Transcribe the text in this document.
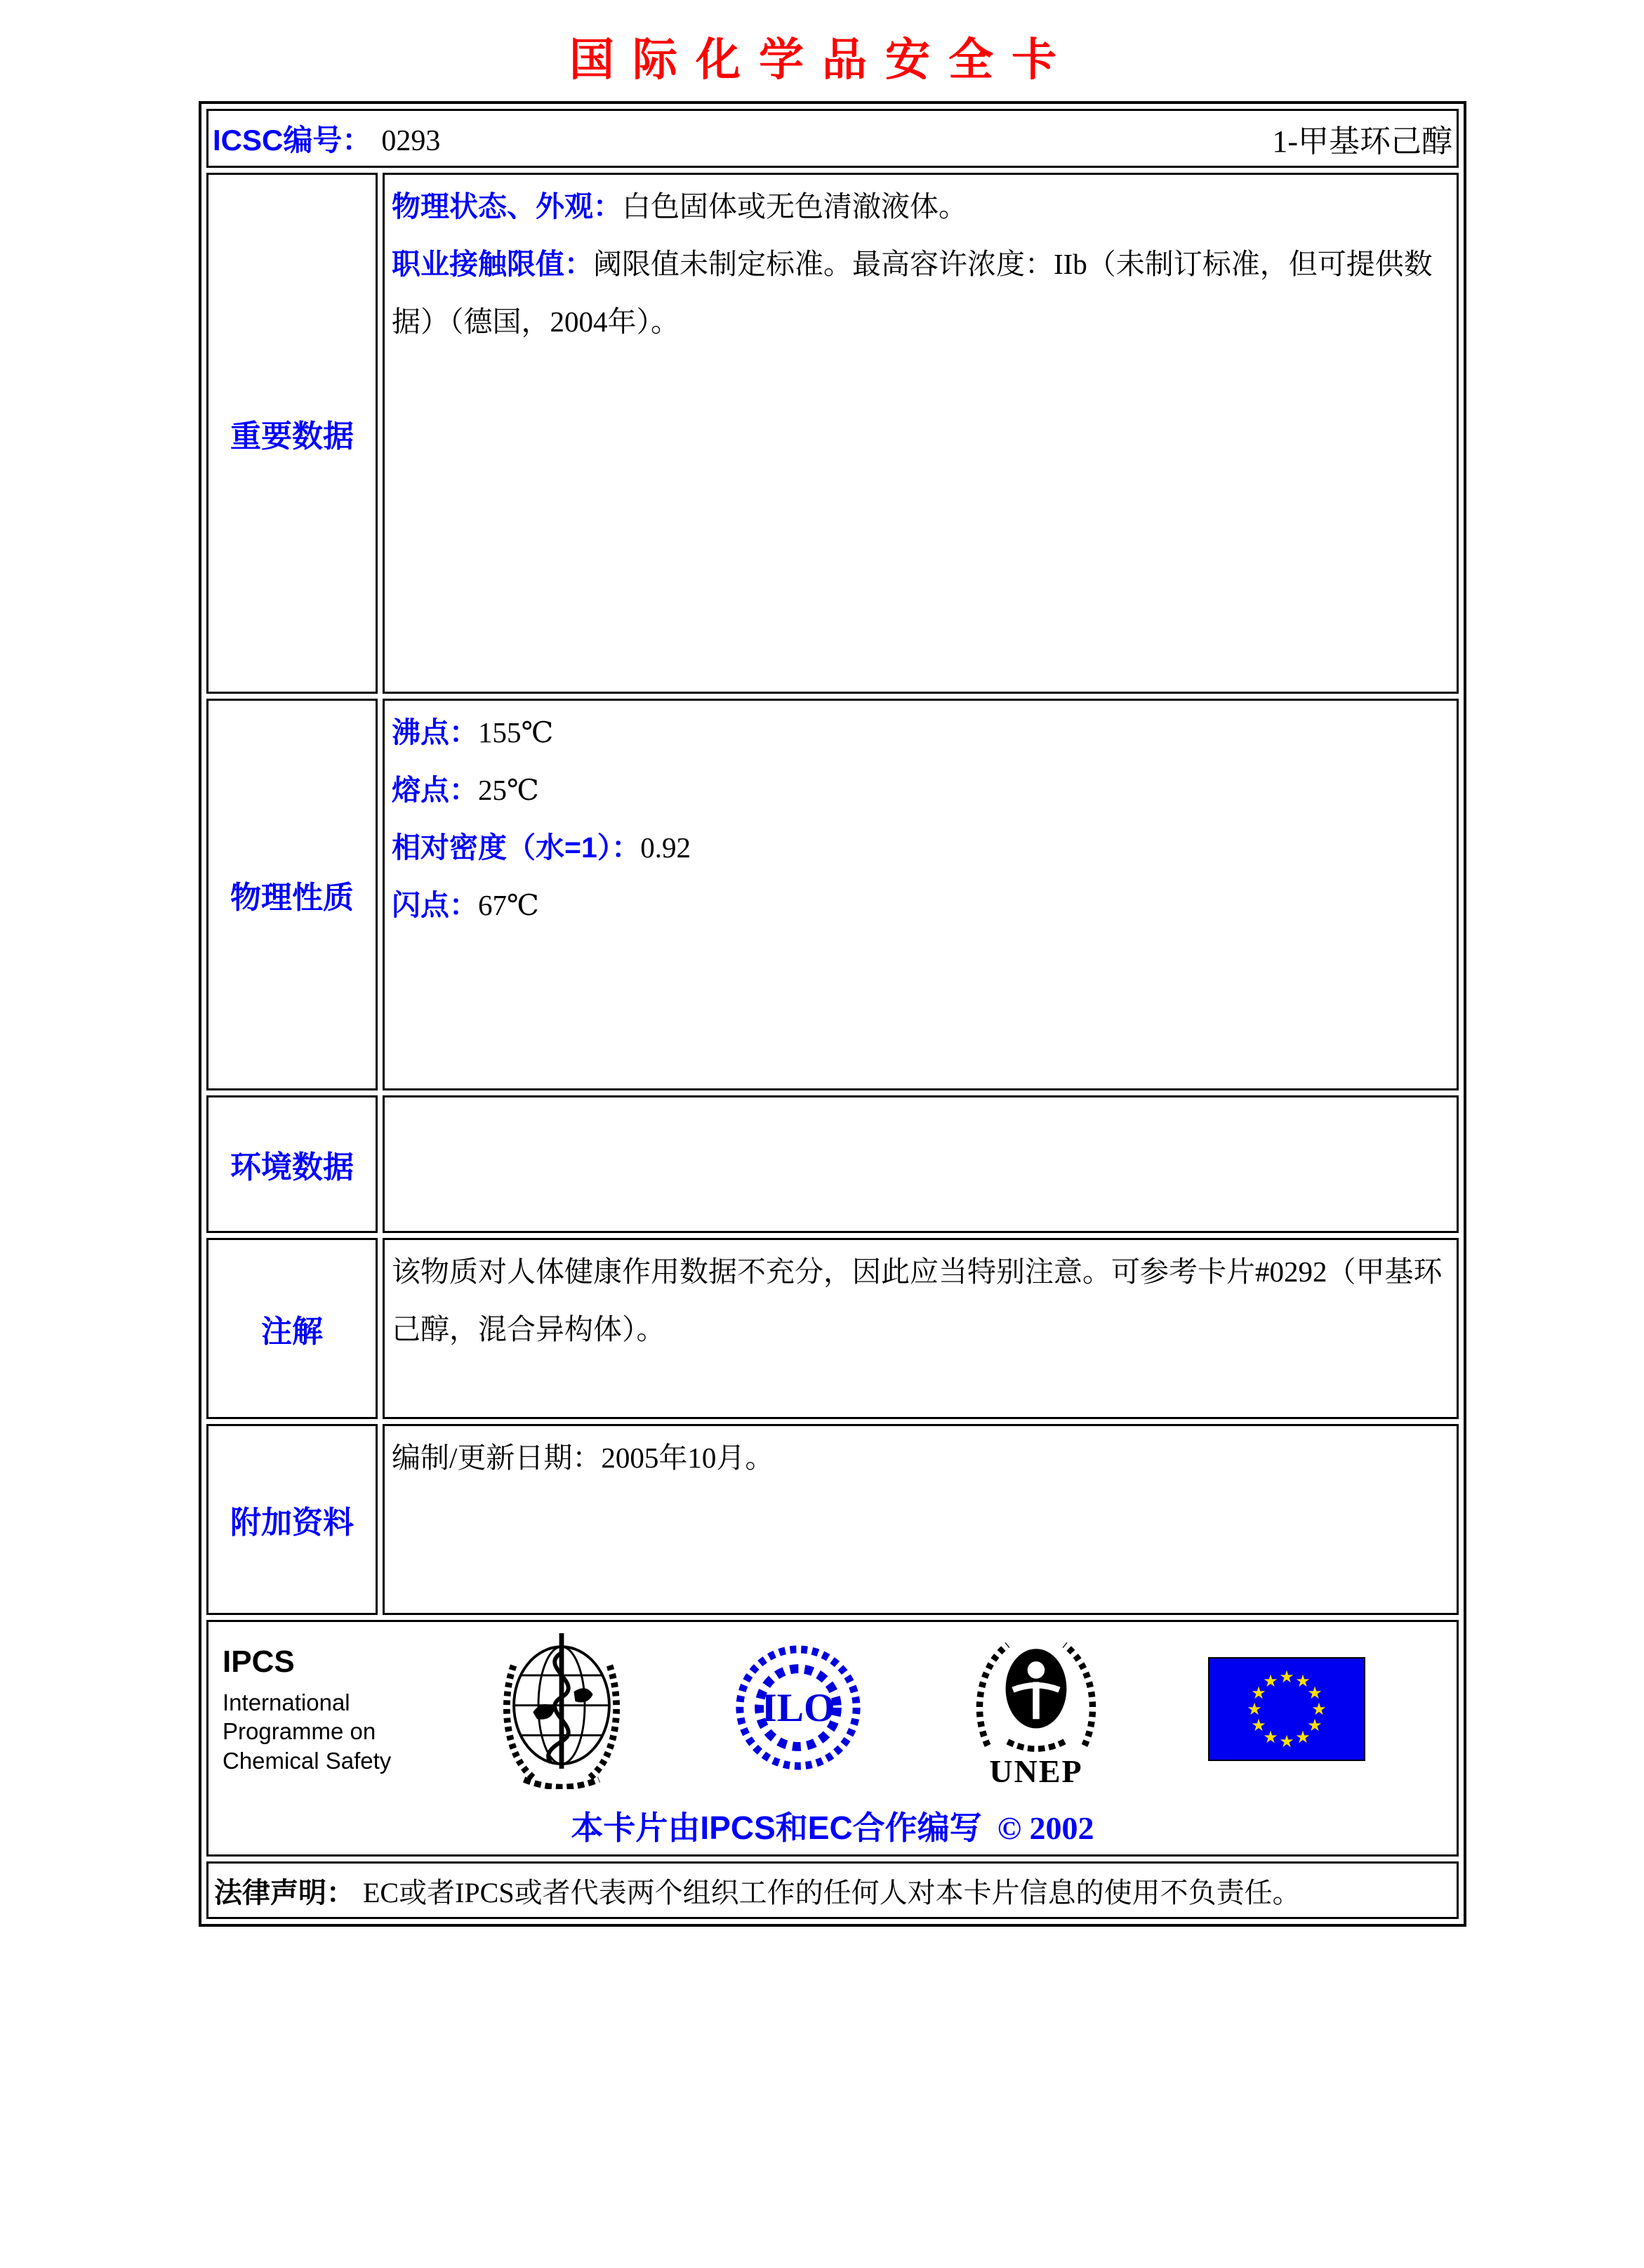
国际化学品安全卡
ICSC编号： 0293 1-甲基环己醇	

重要数据	物理状态、外观：白色固体或无色清澈液体。

职业接触限值：阈限值未制定标准。最高容许浓度：IIb（未制订标准，但可提供数据）（德国，2004年）。

物理性质	沸点：155℃

熔点：25℃

相对密度（水=1）：0.92

闪点：67℃

环境数据	

注解	该物质对人体健康作用数据不充分，因此应当特别注意。可参考卡片#0292（甲基环己醇，混合异构体）。

附加资料	编制/更新日期：2005年10月。

IPCS
International
Programme on
Chemical Safety
ILO
UNEP
★ ★
★
★
★
★
★
★
★
★
★
★
本卡片由IPCS和EC合作编写 © 2002

法律声明： EC或者IPCS或者代表两个组织工作的任何人对本卡片信息的使用不负责任。	
